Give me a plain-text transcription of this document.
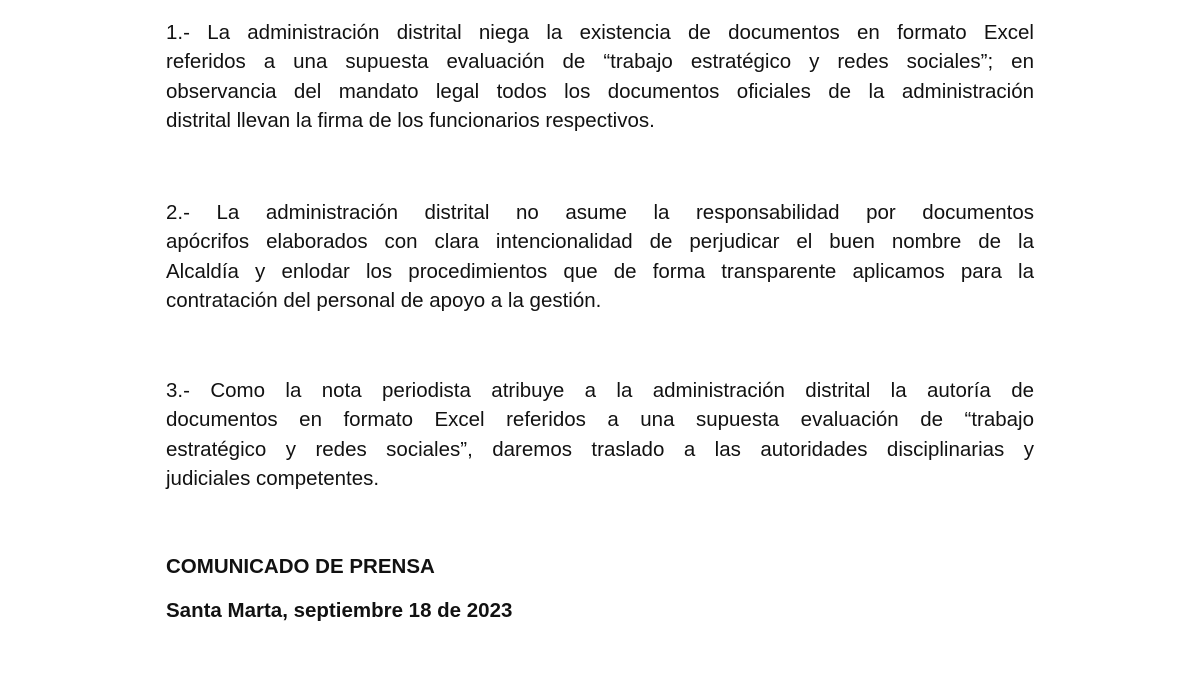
1.- La administración distrital niega la existencia de documentos en formato Excel
referidos a una supuesta evaluación de “trabajo estratégico y redes sociales”; en
observancia del mandato legal todos los documentos oficiales de la administración
distrital llevan la firma de los funcionarios respectivos.
2.- La administración distrital no asume la responsabilidad por documentos
apócrifos elaborados con clara intencionalidad de perjudicar el buen nombre de la
Alcaldía y enlodar los procedimientos que de forma transparente aplicamos para la
contratación del personal de apoyo a la gestión.
3.- Como la nota periodista atribuye a la administración distrital la autoría de
documentos en formato Excel referidos a una supuesta evaluación de “trabajo
estratégico y redes sociales”, daremos traslado a las autoridades disciplinarias y
judiciales competentes.

COMUNICADO DE PRENSA

Santa Marta, septiembre 18 de 2023
